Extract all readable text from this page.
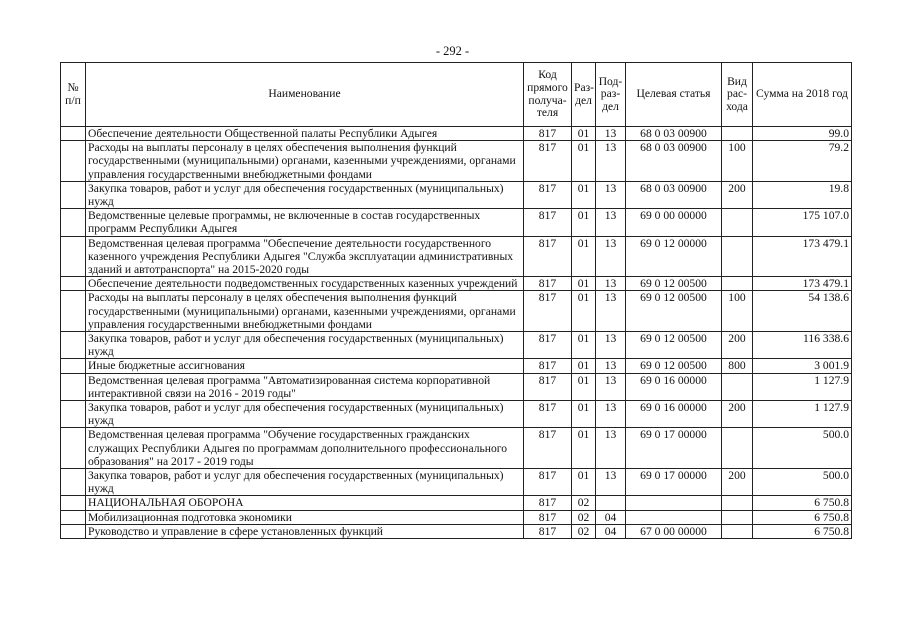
- 292 -
№ п/п	Наименование	Код прямого получа-теля	Раз-дел	Под-раз-дел	Целевая статья	Вид рас-хода	Сумма на 2018 год
	Обеспечение деятельности Общественной палаты Республики Адыгея	817	01	13	68 0 03 00900		99.0
	Расходы на выплаты персоналу в целях обеспечения выполнения функций государственными (муниципальными) органами, казенными учреждениями, органами управления государственными внебюджетными фондами	817	01	13	68 0 03 00900	100	79.2
	Закупка товаров, работ и услуг для обеспечения государственных (муниципальных) нужд	817	01	13	68 0 03 00900	200	19.8
	Ведомственные целевые программы, не включенные в состав государственных программ Республики Адыгея	817	01	13	69 0 00 00000		175 107.0
	Ведомственная целевая программа "Обеспечение деятельности государственного казенного учреждения Республики Адыгея "Служба эксплуатации административных зданий и автотранспорта" на 2015-2020 годы	817	01	13	69 0 12 00000		173 479.1
	Обеспечение деятельности подведомственных государственных казенных учреждений	817	01	13	69 0 12 00500		173 479.1
	Расходы на выплаты персоналу в целях обеспечения выполнения функций государственными (муниципальными) органами, казенными учреждениями, органами управления государственными внебюджетными фондами	817	01	13	69 0 12 00500	100	54 138.6
	Закупка товаров, работ и услуг для обеспечения государственных (муниципальных) нужд	817	01	13	69 0 12 00500	200	116 338.6
	Иные бюджетные ассигнования	817	01	13	69 0 12 00500	800	3 001.9
	Ведомственная целевая программа "Автоматизированная система корпоративной интерактивной связи на 2016 - 2019 годы"	817	01	13	69 0 16 00000		1 127.9
	Закупка товаров, работ и услуг для обеспечения государственных (муниципальных) нужд	817	01	13	69 0 16 00000	200	1 127.9
	Ведомственная целевая программа "Обучение государственных гражданских служащих Республики Адыгея по программам дополнительного профессионального образования" на 2017 - 2019 годы	817	01	13	69 0 17 00000		500.0
	Закупка товаров, работ и услуг для обеспечения государственных (муниципальных) нужд	817	01	13	69 0 17 00000	200	500.0
	НАЦИОНАЛЬНАЯ ОБОРОНА	817	02				6 750.8
	Мобилизационная подготовка экономики	817	02	04			6 750.8
	Руководство и управление в сфере установленных функций	817	02	04	67 0 00 00000		6 750.8
